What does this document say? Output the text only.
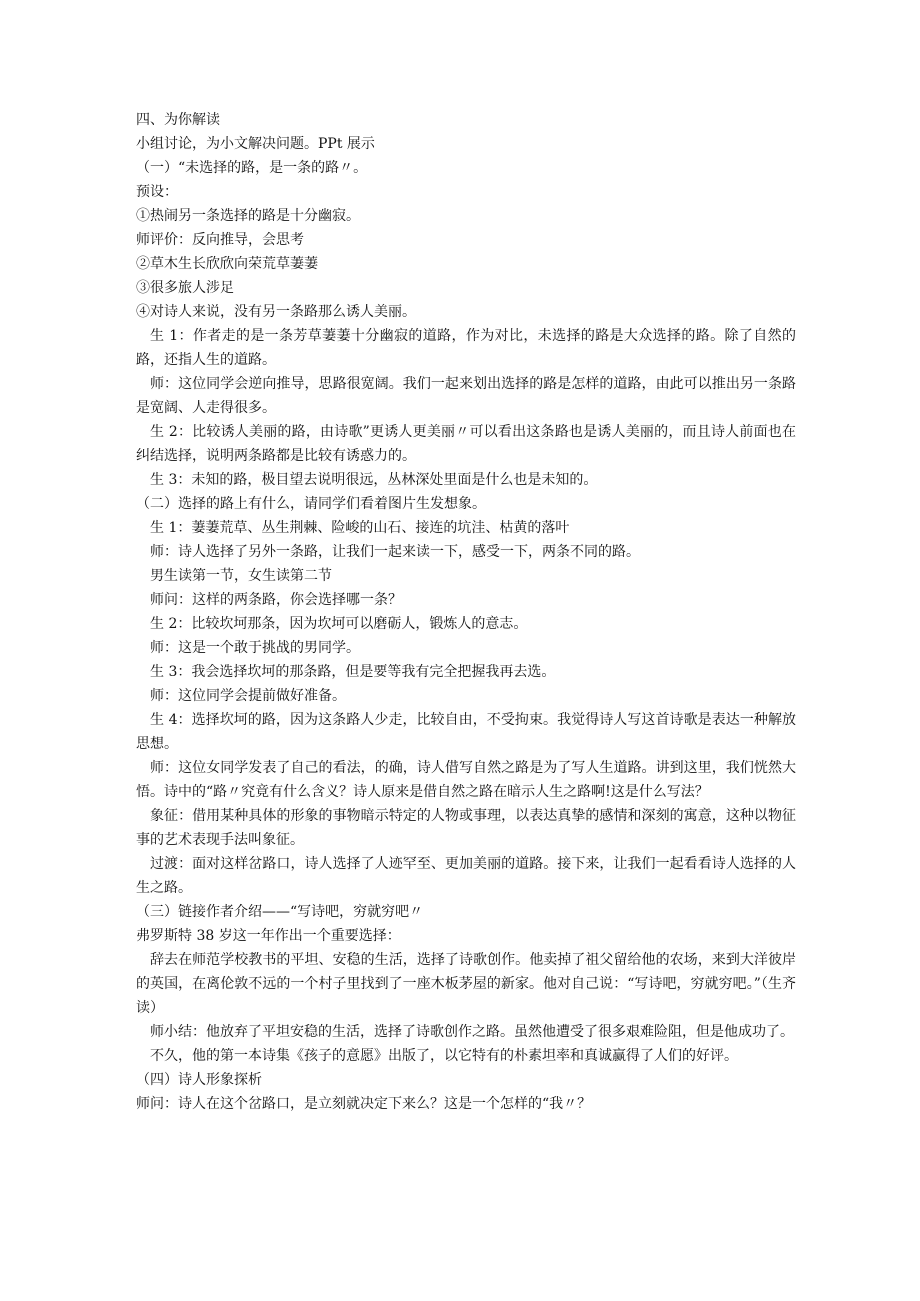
四、为你解读
小组讨论，为小文解决问题。PPt 展示
（一）“未选择的路，是一条的路〃。
预设：
①热闹另一条选择的路是十分幽寂。
师评价：反向推导，会思考
②草木生长欣欣向荣荒草萋萋
③很多旅人涉足
④对诗人来说，没有另一条路那么诱人美丽。
生 1：作者走的是一条芳草萋萋十分幽寂的道路，作为对比，未选择的路是大众选择的路。除了自然的路，还指人生的道路。
师：这位同学会逆向推导，思路很宽阔。我们一起来划出选择的路是怎样的道路，由此可以推出另一条路是宽阔、人走得很多。
生 2：比较诱人美丽的路，由诗歌”更诱人更美丽〃可以看出这条路也是诱人美丽的，而且诗人前面也在纠结选择，说明两条路都是比较有诱惑力的。
生 3：未知的路，极目望去说明很远，丛林深处里面是什么也是未知的。
（二）选择的路上有什么，请同学们看着图片生发想象。
生 1：萋萋荒草、丛生荆棘、险峻的山石、接连的坑洼、枯黄的落叶
师：诗人选择了另外一条路，让我们一起来读一下，感受一下，两条不同的路。
男生读第一节，女生读第二节
师问：这样的两条路，你会选择哪一条？
生 2：比较坎坷那条，因为坎坷可以磨砺人，锻炼人的意志。
师：这是一个敢于挑战的男同学。
生 3：我会选择坎坷的那条路，但是要等我有完全把握我再去选。
师：这位同学会提前做好准备。
生 4：选择坎坷的路，因为这条路人少走，比较自由，不受拘束。我觉得诗人写这首诗歌是表达一种解放思想。
师：这位女同学发表了自己的看法，的确，诗人借写自然之路是为了写人生道路。讲到这里，我们恍然大悟。诗中的“路〃究竟有什么含义？诗人原来是借自然之路在暗示人生之路啊!这是什么写法？
象征：借用某种具体的形象的事物暗示特定的人物或事理，以表达真挚的感情和深刻的寓意，这种以物征事的艺术表现手法叫象征。
过渡：面对这样岔路口，诗人选择了人迹罕至、更加美丽的道路。接下来，让我们一起看看诗人选择的人生之路。
（三）链接作者介绍——“写诗吧，穷就穷吧〃
弗罗斯特 38 岁这一年作出一个重要选择：
辞去在师范学校教书的平坦、安稳的生活，选择了诗歌创作。他卖掉了祖父留给他的农场，来到大洋彼岸的英国，在离伦敦不远的一个村子里找到了一座木板茅屋的新家。他对自己说：“写诗吧，穷就穷吧。”（生齐读）
师小结：他放弃了平坦安稳的生活，选择了诗歌创作之路。虽然他遭受了很多艰难险阻，但是他成功了。
不久，他的第一本诗集《孩子的意愿》出版了，以它特有的朴素坦率和真诚赢得了人们的好评。
（四）诗人形象探析
师问：诗人在这个岔路口，是立刻就决定下来么？这是一个怎样的“我〃？
